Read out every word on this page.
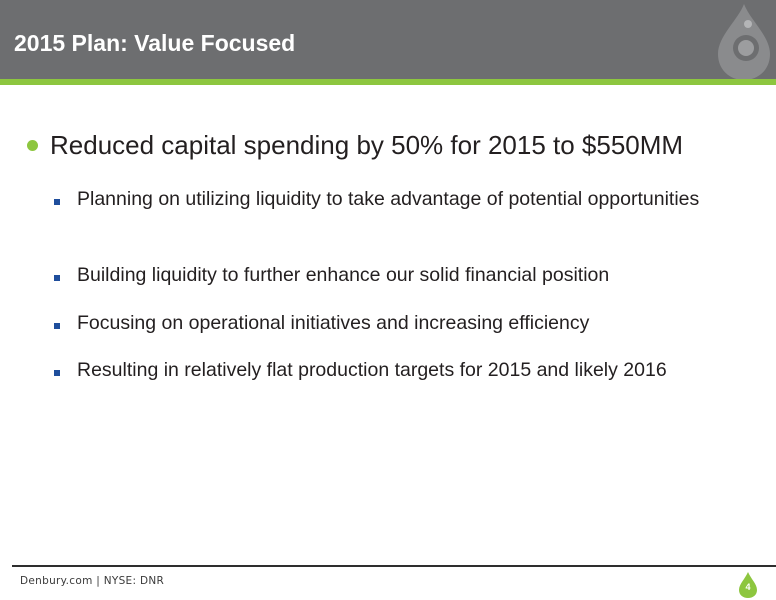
2015 Plan: Value Focused
Reduced capital spending by 50% for 2015 to $550MM
Planning on utilizing liquidity to take advantage of potential opportunities
Building liquidity to further enhance our solid financial position
Focusing on operational initiatives and increasing efficiency
Resulting in relatively flat production targets for 2015 and likely 2016
Denbury.com | NYSE: DNR	4
